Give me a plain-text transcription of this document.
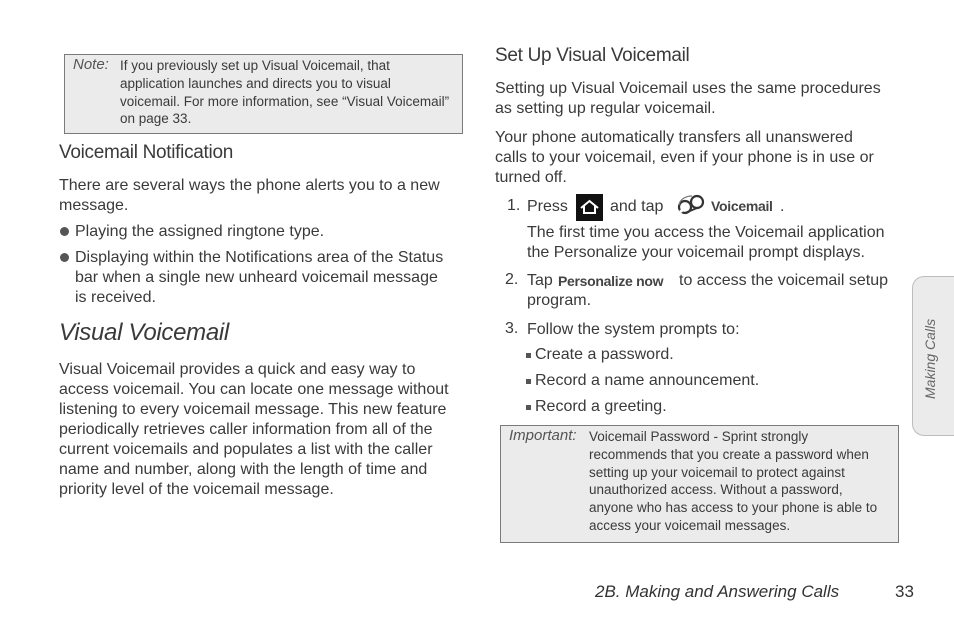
Note: If you previously set up Visual Voicemail, that
application launches and directs you to visual
voicemail. For more information, see “Visual Voicemail”
on page 33.
Voicemail Notification
There are several ways the phone alerts you to a new
message.
Playing the assigned ringtone type.
Displaying within the Notifications area of the Status
bar when a single new unheard voicemail message
is received.
Visual Voicemail
Visual Voicemail provides a quick and easy way to
access voicemail. You can locate one message without
listening to every voicemail message. This new feature
periodically retrieves caller information from all of the
current voicemails and populates a list with the caller
name and number, along with the length of time and
priority level of the voicemail message.
Set Up Visual Voicemail
Setting up Visual Voicemail uses the same procedures
as setting up regular voicemail.
Your phone automatically transfers all unanswered
calls to your voicemail, even if your phone is in use or
turned off.
1. Press	and tap	Voicemail .
The first time you access the Voicemail application
the Personalize your voicemail prompt displays.
2. Tap Personalize now to access the voicemail setup
program.
3. Follow the system prompts to:
Create a password.
Record a name announcement.
Record a greeting.
Important: Voicemail Password - Sprint strongly
recommends that you create a password when
setting up your voicemail to protect against
unauthorized access. Without a password,
anyone who has access to your phone is able to
access your voicemail messages.
Making Calls
2B. Making and Answering Calls	33
